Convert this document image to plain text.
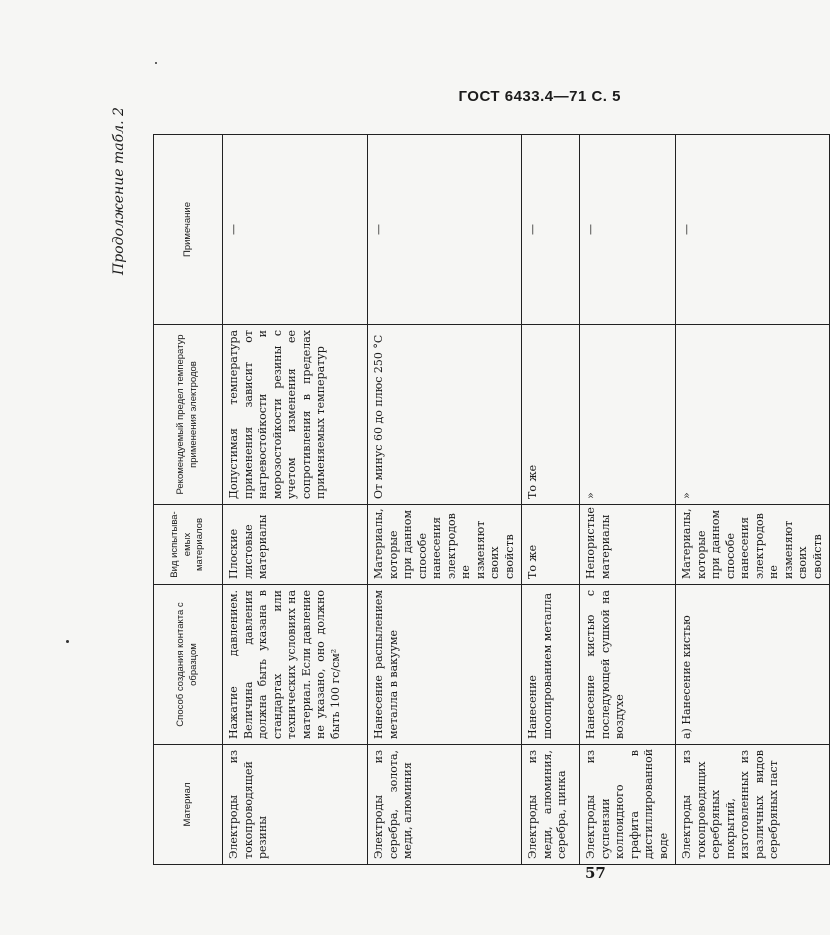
ГОСТ 6433.4—71 С. 5
Продолжение табл. 2
Материал	Способ создания контакта с образцом	Вид испытыва-емых материалов	Рекомендуемый предел температур применения электродов	Примечание
Электроды из токопроводящей резины	Нажатие давлением. Величина давления должна быть указана в стандартах или технических условиях на материал. Если давление не указано, оно должно быть 100 гс/см²	Плоские листовые материалы	Допустимая температура применения зависит от нагревостойкости и морозостойкости резины с учетом изменения ее сопротивления в пределах применяемых температур	—
Электроды из серебра, золота, меди, алюминия	Нанесение распылением металла в вакууме	Материалы, которые при данном способе нанесения электродов не изменяют своих свойств	От минус 60 до плюс 250 °С	—
Электроды из меди, алюминия, серебра, цинка	Нанесение шоопированием металла	То же	То же	—
Электроды из суспензии коллоидного графита в дистиллированной воде	Нанесение кистью с последующей сушкой на воздухе	Непористые материалы	»	—
Электроды из токопроводящих серебряных покрытий, изготовленных из различных видов серебряных паст	а) Нанесение кистью	Материалы, которые при данном способе нанесения электродов не изменяют своих свойств	»	—
57
